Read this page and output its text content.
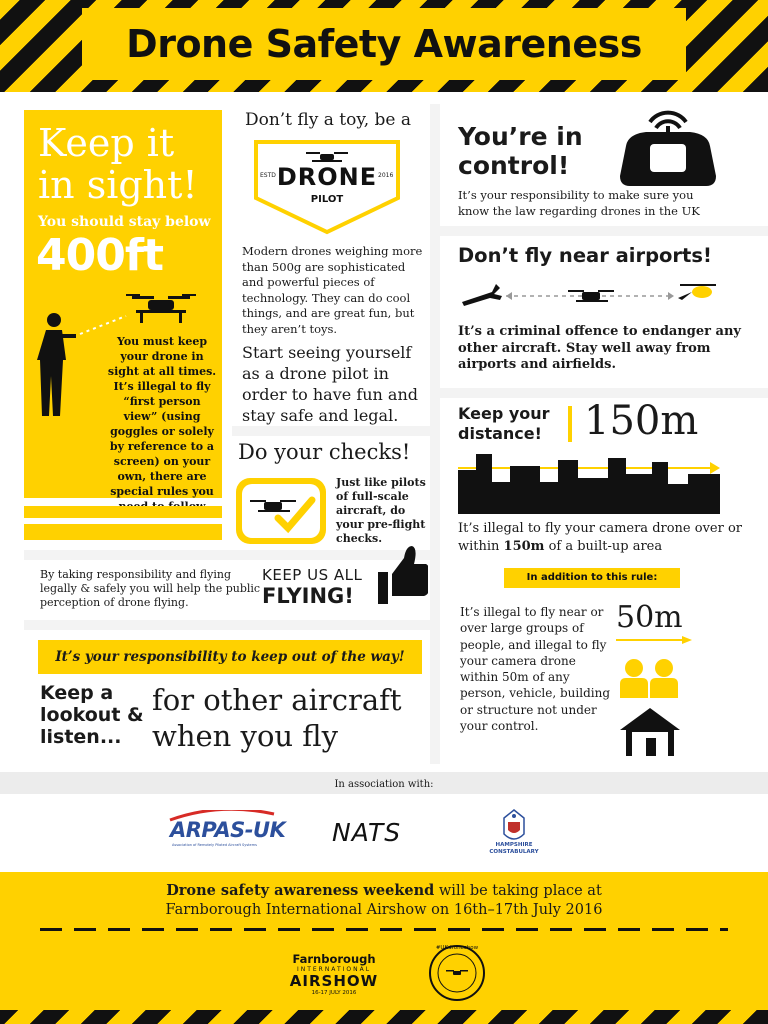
Drone Safety Awareness
Keep it in sight!
You should stay below
400ft
You must keep your drone in sight at all times. It’s illegal to fly “first person view” (using goggles or solely by reference to a screen) on your own, there are special rules you
Don’t fly a toy, be a
ESTD	2016
DRONE
PILOT
Modern drones weighing more than 500g are sophisticated and powerful pieces of technology. They can do cool things, and are great fun, but they aren’t toys.
Start seeing yourself as a drone pilot in order to have fun and stay safe and legal.
Do your checks!
Just like pilots of full-scale aircraft, do your pre-flight checks.
You’re in control!
It’s your responsibility to make sure you know the law regarding drones in the UK
Don’t fly near airports!
It’s a criminal offence to endanger any other aircraft. Stay well away from airports and airfields.
Keep your distance!	150m
It’s illegal to fly your camera drone over or within 150m of a built-up area
In addition to this rule:
It’s illegal to fly near or over large groups of people, and illegal to fly your camera drone within 50m of any person, vehicle, building or structure not under your control.
50m
By taking responsibility and flying legally & safely you will help the public perception of drone flying.
KEEP US ALL
FLYING!
It’s your responsibility to keep out of the way!
Keep a lookout & listen...
for other aircraft when you fly
In association with:
ARPAS-UK
Association of Remotely Piloted Aircraft Systems	NATS	HAMPSHIRE CONSTABULARY
Drone safety awareness weekend will be taking place at
Farnborough International Airshow on 16th–17th July 2016
Farnborough
INTERNATIONAL
AIRSHOW
16-17 JULY 2016
#UKdroneshow
